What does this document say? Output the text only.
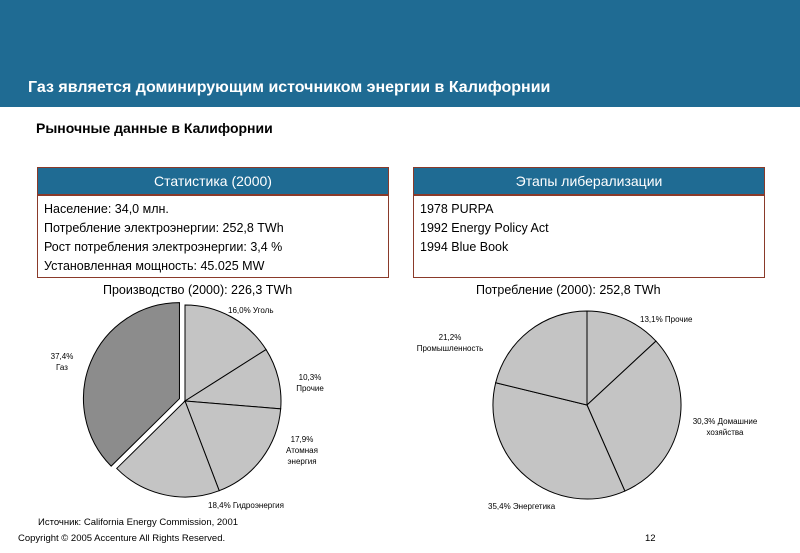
Газ является доминирующим источником энергии в Калифорнии
Рыночные данные в Калифорнии
Статистика (2000)
Население: 34,0 млн.
Потребление электроэнергии: 252,8 TWh
Рост потребления электроэнергии: 3,4 %
Установленная мощность: 45.025 MW
Этапы либерализации
1978 PURPA
1992 Energy Policy Act
1994 Blue Book
Производство (2000): 226,3 TWh	Потребление (2000): 252,8 TWh
16,0% Уголь
10,3% Прочие
17,9% Атомная энергия
18,4% Гидроэнергия
37,4% Газ
13,1% Прочие
30,3% Домашние хозяйства
35,4% Энергетика
21,2% Промышленность
Источник: California Energy Commission, 2001
Copyright © 2005 Accenture All Rights Reserved.	12
